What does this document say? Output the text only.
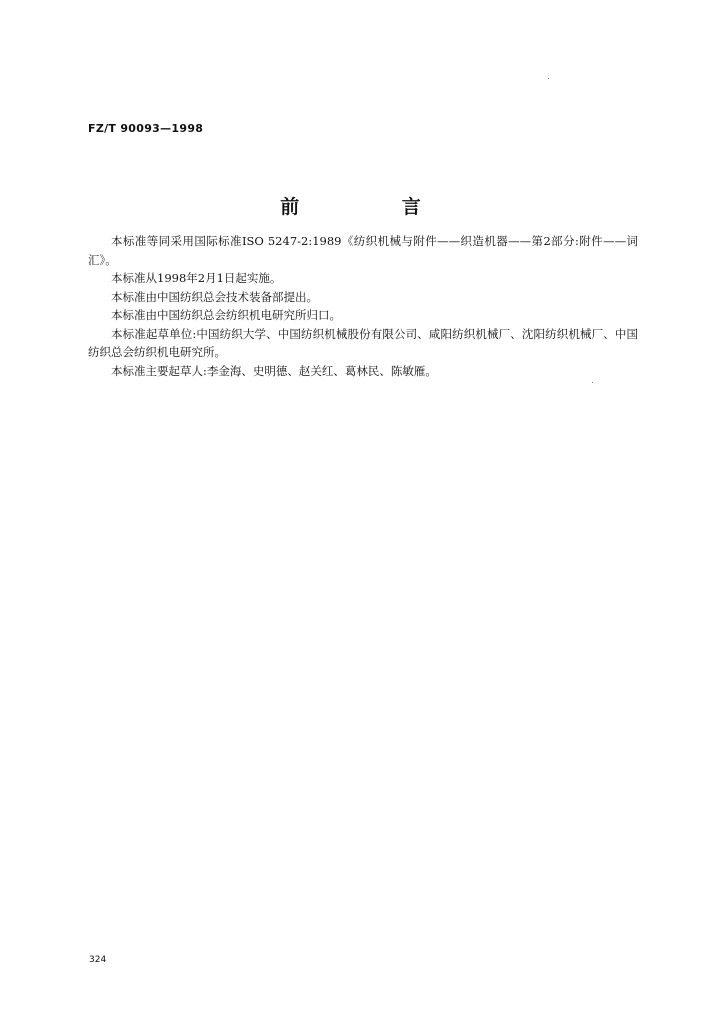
FZ/T 90093—1998
前 言

本标准等同采用国际标准ISO 5247-2:1989《纺织机械与附件——织造机器——第2部分:附件——词汇》。

本标准从1998年2月1日起实施。

本标准由中国纺织总会技术装备部提出。

本标准由中国纺织总会纺织机电研究所归口。

本标准起草单位:中国纺织大学、中国纺织机械股份有限公司、咸阳纺织机械厂、沈阳纺织机械厂、中国纺织总会纺织机电研究所。

本标准主要起草人:李金海、史明德、赵关红、葛林民、陈敏雁。

324
